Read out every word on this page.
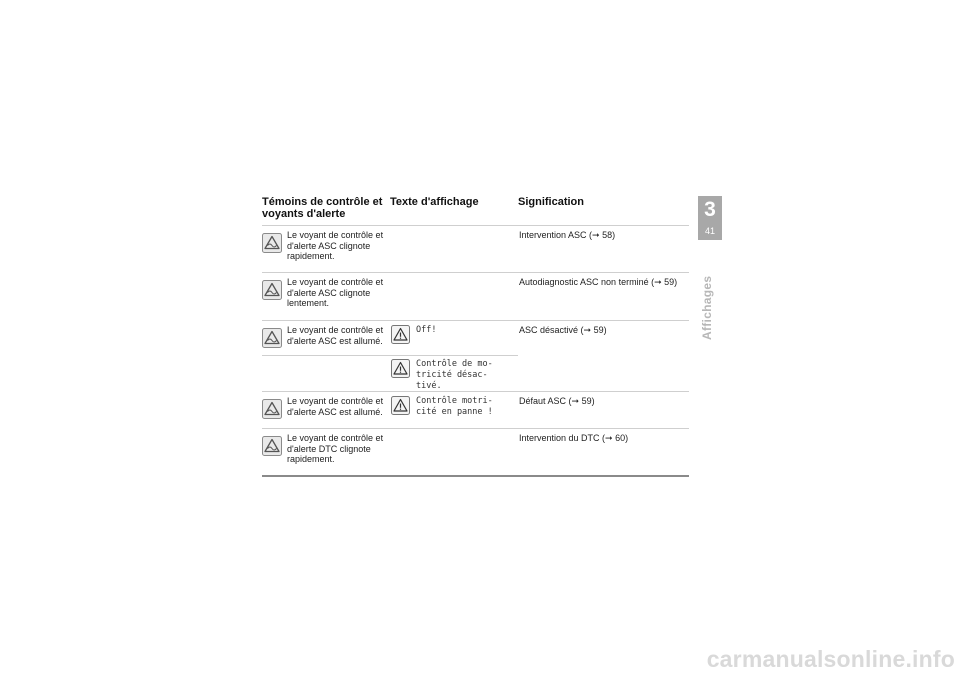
Témoins de contrôle et voyants d'alerte
Texte d'affichage	Signification
Le voyant de contrôle et d'alerte ASC clignote rapidement.
Intervention ASC (➞ 58)
Le voyant de contrôle et d'alerte ASC clignote lentement.
Autodiagnostic ASC non terminé (➞ 59)
Le voyant de contrôle et d'alerte ASC est allumé.
Off!
Contrôle de mo-
tricité désac-
tivé.
ASC désactivé (➞ 59)
Le voyant de contrôle et d'alerte ASC est allumé.
Contrôle motri-
cité en panne !
Défaut ASC (➞ 59)
Le voyant de contrôle et d'alerte DTC clignote rapidement.
Intervention du DTC (➞ 60)
3
41
Affichages
carmanualsonline.info
